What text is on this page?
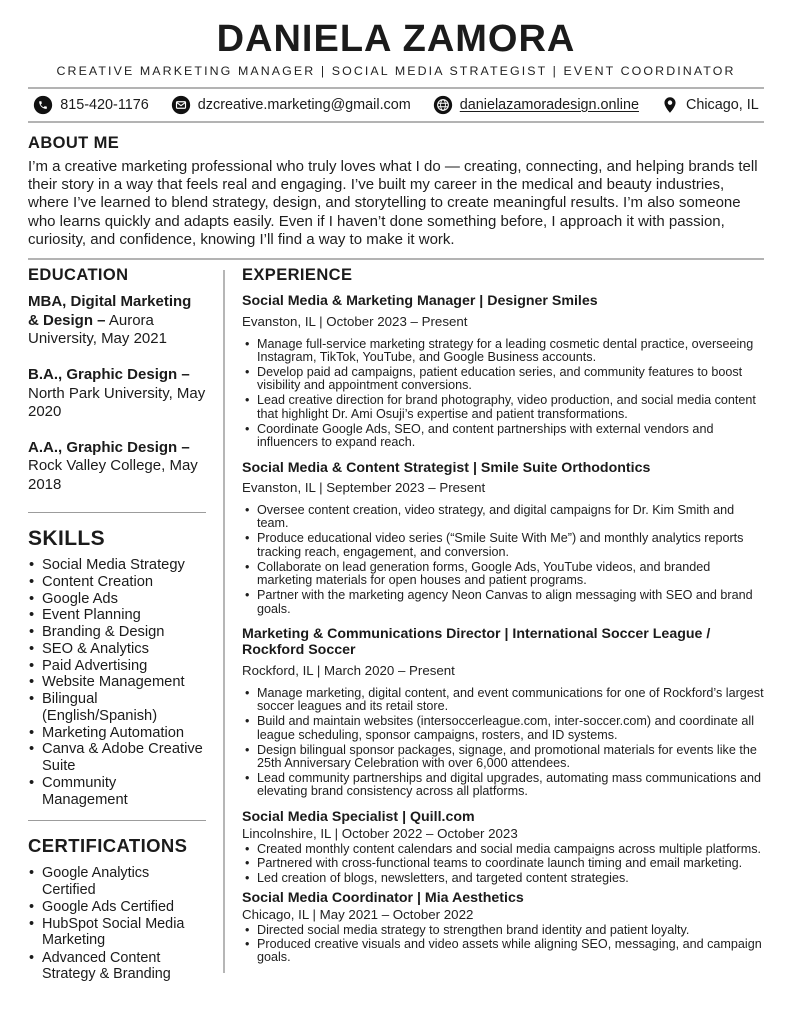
DANIELA ZAMORA
CREATIVE MARKETING MANAGER | SOCIAL MEDIA STRATEGIST | EVENT COORDINATOR
815-420-1176	dzcreative.marketing@gmail.com	danielazamoradesign.online	Chicago, IL
ABOUT ME

I’m a creative marketing professional who truly loves what I do — creating, connecting, and helping brands tell their story in a way that feels real and engaging. I’ve built my career in the medical and beauty industries, where I’ve learned to blend strategy, design, and storytelling to create meaningful results. I’m also someone who learns quickly and adapts easily. Even if I haven’t done something before, I approach it with passion, curiosity, and confidence, knowing I’ll find a way to make it work.

EDUCATION

MBA, Digital Marketing & Design – Aurora University, May 2021

B.A., Graphic Design – North Park University, May 2020

A.A., Graphic Design – Rock Valley College, May 2018

SKILLS
• Social Media Strategy
• Content Creation
• Google Ads
• Event Planning
• Branding & Design
• SEO & Analytics
• Paid Advertising
• Website Management
• Bilingual (English/Spanish)
• Marketing Automation
• Canva & Adobe Creative Suite
• Community Management
CERTIFICATIONS
• Google Analytics Certified
• Google Ads Certified
• HubSpot Social Media Marketing
• Advanced Content Strategy & Branding
EXPERIENCE
Social Media & Marketing Manager | Designer Smiles

Evanston, IL | October 2023 – Present

• Manage full-service marketing strategy for a leading cosmetic dental practice, overseeing Instagram, TikTok, YouTube, and Google Business accounts.
• Develop paid ad campaigns, patient education series, and community features to boost visibility and appointment conversions.
• Lead creative direction for brand photography, video production, and social media content that highlight Dr. Ami Osuji’s expertise and patient transformations.
• Coordinate Google Ads, SEO, and content partnerships with external vendors and influencers to expand reach.
Social Media & Content Strategist | Smile Suite Orthodontics

Evanston, IL | September 2023 – Present

• Oversee content creation, video strategy, and digital campaigns for Dr. Kim Smith and team.
• Produce educational video series (“Smile Suite With Me”) and monthly analytics reports tracking reach, engagement, and conversion.
• Collaborate on lead generation forms, Google Ads, YouTube videos, and branded marketing materials for open houses and patient programs.
• Partner with the marketing agency Neon Canvas to align messaging with SEO and brand goals.
Marketing & Communications Director | International Soccer League / Rockford Soccer

Rockford, IL | March 2020 – Present

• Manage marketing, digital content, and event communications for one of Rockford’s largest soccer leagues and its retail store.
• Build and maintain websites (intersoccerleague.com, inter-soccer.com) and coordinate all league scheduling, sponsor campaigns, rosters, and ID systems.
• Design bilingual sponsor packages, signage, and promotional materials for events like the 25th Anniversary Celebration with over 6,000 attendees.
• Lead community partnerships and digital upgrades, automating mass communications and elevating brand consistency across all platforms.
Social Media Specialist | Quill.com

Lincolnshire, IL | October 2022 – October 2023

• Created monthly content calendars and social media campaigns across multiple platforms.
• Partnered with cross-functional teams to coordinate launch timing and email marketing.
• Led creation of blogs, newsletters, and targeted content strategies.
Social Media Coordinator | Mia Aesthetics

Chicago, IL | May 2021 – October 2022

• Directed social media strategy to strengthen brand identity and patient loyalty.
• Produced creative visuals and video assets while aligning SEO, messaging, and campaign goals.
